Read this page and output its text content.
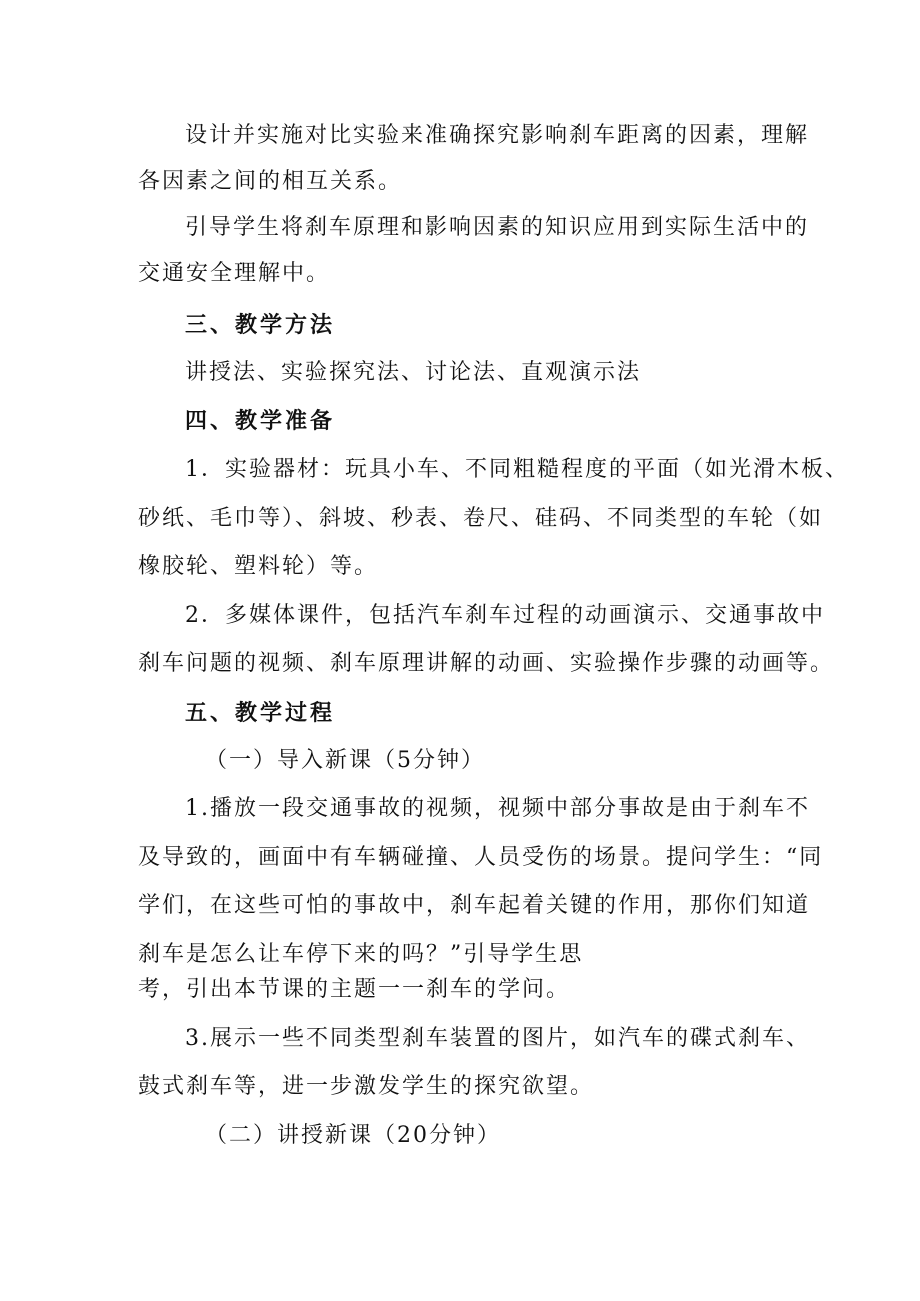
设计并实施对比实验来准确探究影响刹车距离的因素，理解

各因素之间的相互关系。

引导学生将刹车原理和影响因素的知识应用到实际生活中的

交通安全理解中。

三、教学方法

讲授法、实验探究法、讨论法、直观演示法

四、教学准备

1．实验器材：玩具小车、不同粗糙程度的平面（如光滑木板、

砂纸、毛巾等）、斜坡、秒表、卷尺、硅码、不同类型的车轮（如

橡胶轮、塑料轮）等。

2．多媒体课件，包括汽车刹车过程的动画演示、交通事故中

刹车问题的视频、刹车原理讲解的动画、实验操作步骤的动画等。

五、教学过程

（一）导入新课（5分钟）

1.播放一段交通事故的视频，视频中部分事故是由于刹车不

及导致的，画面中有车辆碰撞、人员受伤的场景。提问学生：“同

学们，在这些可怕的事故中，刹车起着关键的作用，那你们知道

刹车是怎么让车停下来的吗？”引导学生思

考，引出本节课的主题一一刹车的学问。

3.展示一些不同类型刹车装置的图片，如汽车的碟式刹车、

鼓式刹车等，进一步激发学生的探究欲望。

（二）讲授新课（20分钟）
